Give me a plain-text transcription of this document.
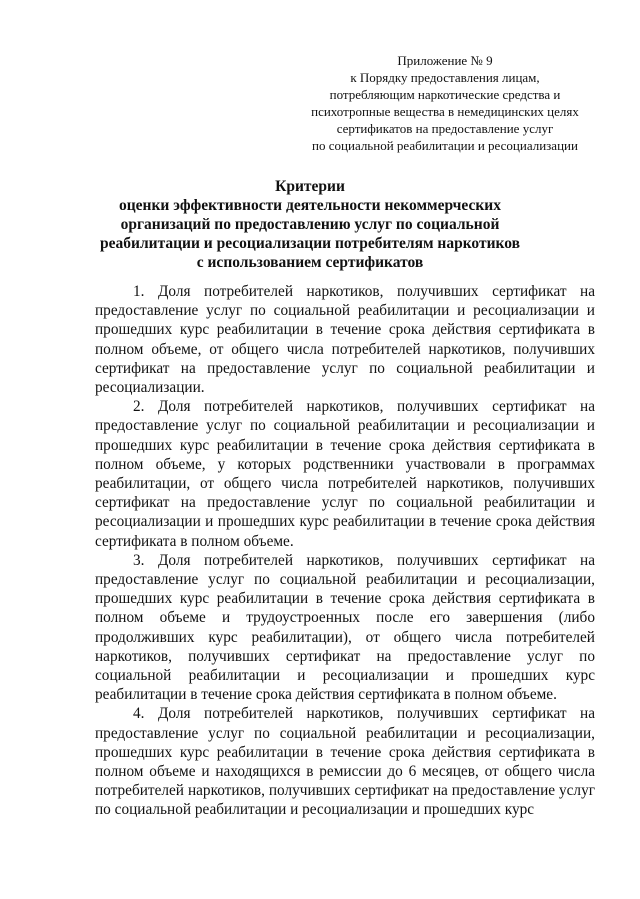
Приложение № 9
к Порядку предоставления лицам,
потребляющим наркотические средства и
психотропные вещества в немедицинских целях
сертификатов на предоставление услуг
по социальной реабилитации и ресоциализации
Критерии
оценки эффективности деятельности некоммерческих
организаций по предоставлению услуг по социальной
реабилитации и ресоциализации потребителям наркотиков
с использованием сертификатов

1. Доля потребителей наркотиков, получивших сертификат на предоставление услуг по социальной реабилитации и ресоциализации и прошедших курс реабилитации в течение срока действия сертификата в полном объеме, от общего числа потребителей наркотиков, получивших сертификат на предоставление услуг по социальной реабилитации и ресоциализации.

2. Доля потребителей наркотиков, получивших сертификат на предоставление услуг по социальной реабилитации и ресоциализации и прошедших курс реабилитации в течение срока действия сертификата в полном объеме, у которых родственники участвовали в программах реабилитации, от общего числа потребителей наркотиков, получивших сертификат на предоставление услуг по социальной реабилитации и ресоциализации и прошедших курс реабилитации в течение срока действия сертификата в полном объеме.

3. Доля потребителей наркотиков, получивших сертификат на предоставление услуг по социальной реабилитации и ресоциализации, прошедших курс реабилитации в течение срока действия сертификата в полном объеме и трудоустроенных после его завершения (либо продолживших курс реабилитации), от общего числа потребителей наркотиков, получивших сертификат на предоставление услуг по социальной реабилитации и ресоциализации и прошедших курс реабилитации в течение срока действия сертификата в полном объеме.

4. Доля потребителей наркотиков, получивших сертификат на предоставление услуг по социальной реабилитации и ресоциализации, прошедших курс реабилитации в течение срока действия сертификата в полном объеме и находящихся в ремиссии до 6 месяцев, от общего числа потребителей наркотиков, получивших сертификат на предоставление услуг по социальной реабилитации и ресоциализации и прошедших курс
